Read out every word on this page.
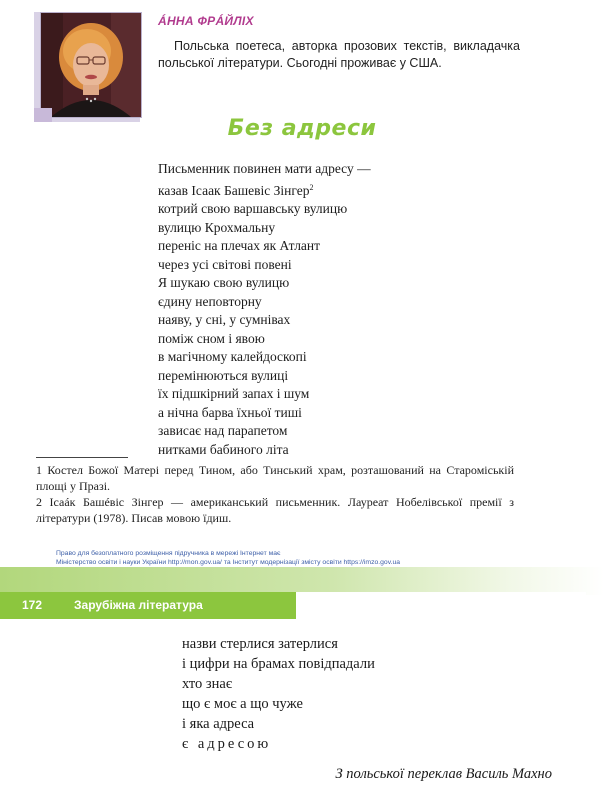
ÁННА ФРÁЙЛІХ
Польська поетеса, авторка прозових текстів, викладачка польської літератури. Сьогодні проживає у США.
Без адреси
Письменник повинен мати адресу —
казав Ісаак Башевіс Зінгер$^2$
котрий свою варшавську вулицю
вулицю Крохмальну
переніс на плечах як Атлант
через усі світові повені
Я шукаю свою вулицю
єдину неповторну
наяву, у сні, у сумнівах
поміж сном і явою
в магічному калейдоскопі
перемінюються вулиці
їх підшкірний запах і шум
а нічна барва їхньої тиші
зависає над парапетом
нитками бабиного літа

1 Костел Божої Матері перед Тином, або Тинський храм, розташований на Староміській площі у Празі.

2 Ісаáк Башéвіс Зінгер — американський письменник. Лауреат Нобелівської премії з літератури (1978). Писав мовою їдиш.

Право для безоплатного розміщення підручника в мережі Інтернет має
Міністерство освіти і науки України http://mon.gov.ua/ та Інститут модернізації змісту освіти https://imzo.gov.ua
172	Зарубіжна література
назви стерлися затерлися
і цифри на брамах повідпадали
хто знає
що є моє а що чуже
і яка адреса
є адресою
З польської переклав Василь Махно
